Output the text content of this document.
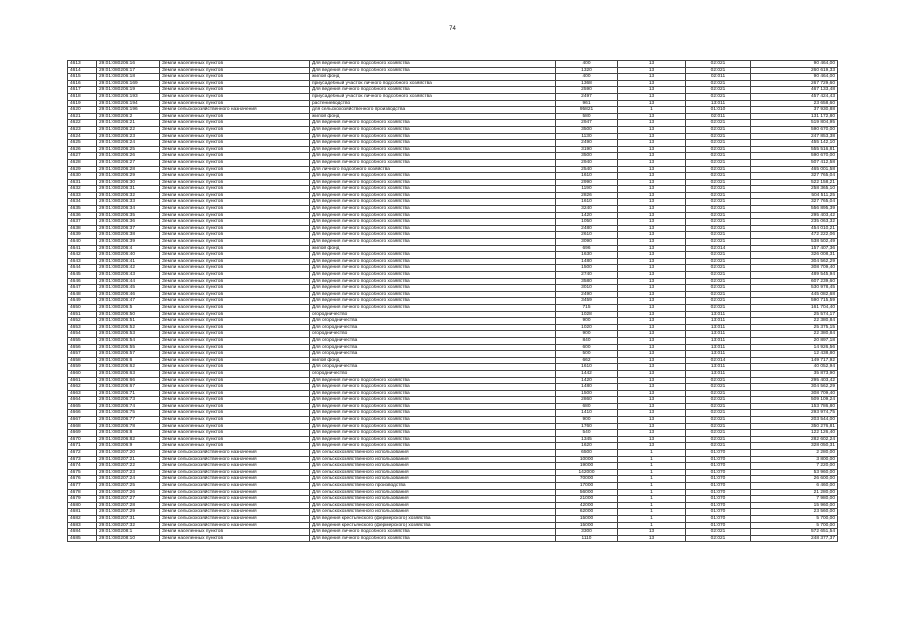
74
4613	29:01:080206:16	Земли населенных пунктов	Для ведения личного подсобного хозяйства	400	13	02:021	90 464,00
4614	29:01:080206:17	Земли населенных пунктов	Для ведения личного подсобного хозяйства	1320	13	02:021	260 619,33
4615	29:01:080206:18	Земли населенных пунктов	жилой фонд	400	13	02:011	90 464,00
4616	29:01:080206:169	Земли населенных пунктов	приусадебный участок личного подсобного хозяйства	1368	13	02:021	267 729,60
4617	29:01:080206:19	Земли населенных пунктов	Для ведения личного подсобного хозяйства	2590	13	02:021	467 133,48
4618	29:01:080206:193	Земли населенных пунктов	приусадебный участок личного подсобного хозяйства	2497	13	02:021	457 424,43
4619	29:01:080206:194	Земли населенных пунктов	растениеводство	961	13	13:011	23 658,60
4620	29:01:080206:196	Земли сельскохозяйственного назначения	для сельскохозяйственного производства	95821	1	01:010	37 930,88
4621	29:01:080206:2	Земли населенных пунктов	жилой фонд	580	13	02:011	131 172,80
4622	29:01:080206:21	Земли населенных пунктов	Для ведения личного подсобного хозяйства	2947	13	02:021	519 804,95
4623	29:01:080206:22	Земли населенных пунктов	Для ведения личного подсобного хозяйства	3500	13	02:021	590 670,00
4624	29:01:080206:23	Земли населенных пунктов	Для ведения личного подсобного хозяйства	1130	13	02:021	247 853,38
4625	29:01:080206:24	Земли населенных пунктов	Для ведения личного подсобного хозяйства	2490	13	02:021	455 142,10
4626	29:01:080206:25	Земли населенных пунктов	Для ведения личного подсобного хозяйства	3190	13	02:021	555 516,81
4627	29:01:080206:26	Земли населенных пунктов	Для ведения личного подсобного хозяйства	3500	13	02:021	590 670,00
4628	29:01:080206:27	Земли населенных пунктов	Для ведения личного подсобного хозяйства	2940	13	02:021	507 412,58
4629	29:01:080206:28	Земли населенных пунктов	Для личного подсобного хозяйства	2540	13	02:021	465 001,58
4630	29:01:080206:29	Земли населенных пунктов	Для ведения личного подсобного хозяйства	1610	13	02:021	327 765,04
4631	29:01:080206:30	Земли населенных пунктов	Для ведения личного подсобного хозяйства	2990	13	02:021	522 158,21
4632	29:01:080206:31	Земли населенных пунктов	Для ведения личного подсобного хозяйства	1190	13	02:021	258 365,10
4633	29:01:080206:32	Земли населенных пунктов	Для ведения личного подсобного хозяйства	2826	13	02:021	504 511,25
4634	29:01:080206:33	Земли населенных пунктов	Для ведения личного подсобного хозяйства	1610	13	02:021	327 765,04
4635	29:01:080206:34	Земли населенных пунктов	Для ведения личного подсобного хозяйства	3240	13	02:021	556 895,39
4636	29:01:080206:35	Земли населенных пунктов	Для ведения личного подсобного хозяйства	1420	13	02:021	295 403,42
4637	29:01:080206:36	Земли населенных пунктов	Для ведения личного подсобного хозяйства	1050	13	02:021	235 063,32
4638	29:01:080206:37	Земли населенных пунктов	Для ведения личного подсобного хозяйства	2480	13	02:021	454 010,21
4639	29:01:080206:38	Земли населенных пунктов	Для ведения личного подсобного хозяйства	2610	13	02:021	472 222,06
4640	29:01:080206:39	Земли населенных пунктов	Для ведения личного подсобного хозяйства	3090	13	02:021	538 502,49
4641	29:01:080206:4	Земли населенных пунктов	жилой фонд	696	13	02:014	157 407,36
4642	29:01:080206:40	Земли населенных пунктов	Для ведения личного подсобного хозяйства	1630	13	02:021	326 008,31
4643	29:01:080206:41	Земли населенных пунктов	Для ведения личного подсобного хозяйства	1480	13	02:021	304 562,29
4644	29:01:080206:42	Земли населенных пунктов	Для ведения личного подсобного хозяйства	1500	13	02:021	308 709,40
4645	29:01:080206:43	Земли населенных пунктов	Для ведения личного подсобного хозяйства	2740	13	02:021	489 545,94
4646	29:01:080206:44	Земли населенных пунктов	Для ведения личного подсобного хозяйства	3580	13	02:021	607 239,60
4647	29:01:080206:45	Земли населенных пунктов	Для ведения личного подсобного хозяйства	3010	13	02:021	530 978,45
4648	29:01:080206:46	Земли населенных пунктов	Для ведения личного подсобного хозяйства	2490	13	02:021	445 082,68
4649	29:01:080206:47	Земли населенных пунктов	Для ведения личного подсобного хозяйства	3459	13	02:021	590 715,59
4650	29:01:080206:5	Земли населенных пунктов	Для ведения личного подсобного хозяйства	715	13	02:021	161 704,40
4651	29:01:080206:50	Земли населенных пунктов	огородничество	1028	13	13:011	25 574,17
4652	29:01:080206:51	Земли населенных пунктов	Для огородничества	900	13	13:011	22 380,84
4653	29:01:080206:52	Земли населенных пунктов	Для огородничества	1020	13	13:011	25 375,15
4654	29:01:080206:53	Земли населенных пунктов	огородничество	900	13	13:011	22 380,84
4655	29:01:080206:54	Земли населенных пунктов	Для огородничества	840	13	13:011	20 897,18
4656	29:01:080206:55	Земли населенных пунктов	Для огородничества	600	13	13:011	14 926,56
4657	29:01:080206:57	Земли населенных пунктов	Для огородничества	500	13	13:011	12 438,80
4658	29:01:080206:6	Земли населенных пунктов	жилой фонд	662	13	02:014	149 717,92
4659	29:01:080206:62	Земли населенных пунктов	Для огородничества	1610	13	13:011	40 052,94
4660	29:01:080206:63	Земли населенных пунктов	огородничество	1442	13	13:011	35 873,90
4661	29:01:080206:66	Земли населенных пунктов	Для ведения личного подсобного хозяйства	1420	13	02:021	295 403,42
4662	29:01:080206:67	Земли населенных пунктов	Для ведения личного подсобного хозяйства	1480	13	02:021	304 562,29
4663	29:01:080206:71	Земли населенных пунктов	Для ведения личного подсобного хозяйства	1500	13	02:021	308 709,40
4664	29:01:080206:73	Земли населенных пунктов	Для ведения личного подсобного хозяйства	2860	13	02:021	509 109,24
4665	29:01:080206:74	Земли населенных пунктов	Для ведения личного подсобного хозяйства	680	13	02:021	153 786,80
4666	29:01:080206:75	Земли населенных пунктов	Для ведения личного подсобного хозяйства	1410	13	02:021	293 974,75
4667	29:01:080206:77	Земли населенных пунктов	Для ведения личного подсобного хозяйства	900	13	02:021	203 544,00
4668	29:01:080206:78	Земли населенных пунктов	Для ведения личного подсобного хозяйства	1760	13	02:021	350 276,81
4669	29:01:080206:8	Земли населенных пунктов	Для ведения личного подсобного хозяйства	540	13	02:021	122 126,40
4670	29:01:080206:82	Земли населенных пунктов	Для ведения личного подсобного хозяйства	1345	13	02:021	282 602,24
4671	29:01:080206:9	Земли населенных пунктов	Для ведения личного подсобного хозяйства	1620	13	02:021	328 050,31
4672	29:01:080207:20	Земли сельскохозяйственного назначения	Для сельскохозяйственного использования	6500	1	01:070	2 280,00
4673	29:01:080207:21	Земли сельскохозяйственного назначения	Для сельскохозяйственного использования	10000	1	01:070	3 800,00
4674	29:01:080207:22	Земли сельскохозяйственного назначения	Для сельскохозяйственного использования	19000	1	01:070	7 220,00
4675	29:01:080207:23	Земли сельскохозяйственного назначения	Для сельскохозяйственного использования	142000	1	01:070	53 960,00
4676	29:01:080207:24	Земли сельскохозяйственного назначения	Для сельскохозяйственного использования	70000	1	01:070	26 600,00
4677	29:01:080207:25	Земли сельскохозяйственного назначения	Для сельскохозяйственного производства	17000	1	01:070	6 460,00
4678	29:01:080207:26	Земли сельскохозяйственного назначения	Для сельскохозяйственного использования	56000	1	01:070	21 280,00
4679	29:01:080207:27	Земли сельскохозяйственного назначения	Для сельскохозяйственного использования	21000	1	01:070	7 980,00
4680	29:01:080207:28	Земли сельскохозяйственного назначения	Для сельскохозяйственного использования	42000	1	01:070	15 960,00
4681	29:01:080207:29	Земли сельскохозяйственного назначения	Для сельскохозяйственного использования	62000	1	01:070	23 560,00
4682	29:01:080207:31	Земли сельскохозяйственного назначения	Для ведения крестьянского (фермерского) хозяйства	15000	1	01:070	5 700,00
4683	29:01:080207:32	Земли сельскохозяйственного назначения	Для ведения крестьянского (фермерского) хозяйства	15000	1	01:070	5 700,00
4684	29:01:080208:1	Земли населенных пунктов	Для ведения личного подсобного хозяйства	3300	13	02:021	572 651,54
4685	29:01:080208:10	Земли населенных пунктов	Для ведения личного подсобного хозяйства	1110	13	02:021	248 377,37
